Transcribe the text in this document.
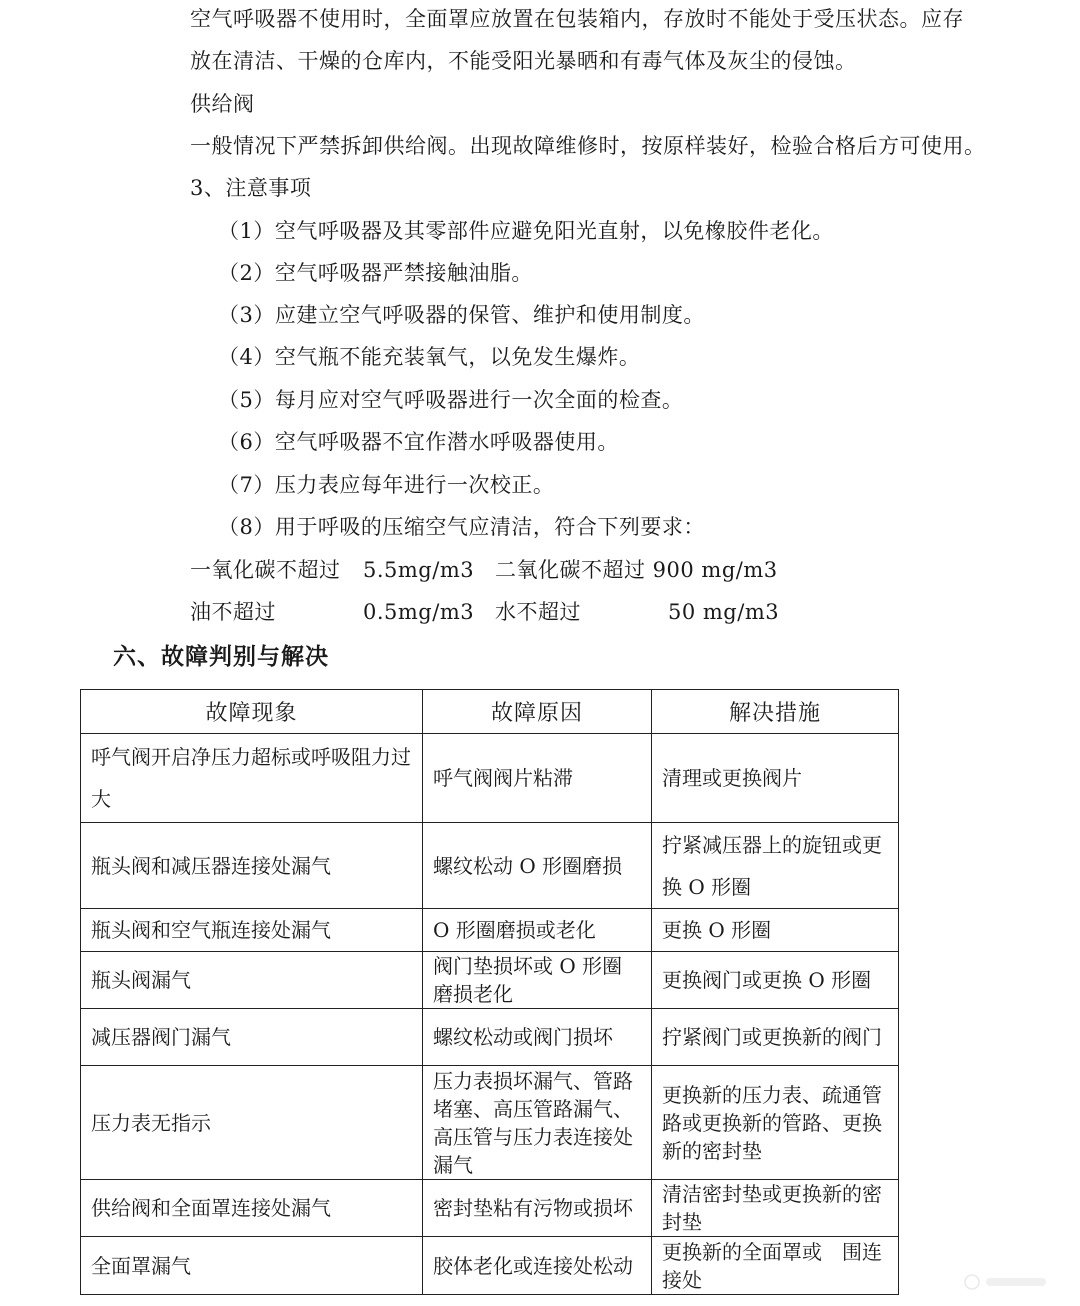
空气呼吸器不使用时，全面罩应放置在包装箱内，存放时不能处于受压状态。应存
放在清洁、干燥的仓库内，不能受阳光暴晒和有毒气体及灰尘的侵蚀。
供给阀
一般情况下严禁拆卸供给阀。出现故障维修时，按原样装好，检验合格后方可使用。
3、注意事项
（1）空气呼吸器及其零部件应避免阳光直射，以免橡胶件老化。
（2）空气呼吸器严禁接触油脂。
（3）应建立空气呼吸器的保管、维护和使用制度。
（4）空气瓶不能充装氧气，以免发生爆炸。
（5）每月应对空气呼吸器进行一次全面的检查。
（6）空气呼吸器不宜作潜水呼吸器使用。
（7）压力表应每年进行一次校正。
（8）用于呼吸的压缩空气应清洁，符合下列要求：
一氧化碳不超过 5.5mg/m3 二氧化碳不超过 900 mg/m3
油不超过	0.5mg/m3 水不超过	50 mg/m3
六、故障判别与解决
故障现象	故障原因	解决措施

呼气阀开启净压力超标或呼吸阻力过大	呼气阀阀片粘滞	清理或更换阀片

瓶头阀和减压器连接处漏气	螺纹松动 O 形圈磨损	拧紧减压器上的旋钮或更换 O 形圈

瓶头阀和空气瓶连接处漏气	O 形圈磨损或老化	更换 O 形圈

瓶头阀漏气	阀门垫损坏或 O 形圈磨损老化	更换阀门或更换 O 形圈

减压器阀门漏气	螺纹松动或阀门损坏	拧紧阀门或更换新的阀门

压力表无指示	压力表损坏漏气、管路堵塞、高压管路漏气、高压管与压力表连接处漏气	更换新的压力表、疏通管路或更换新的管路、更换新的密封垫

供给阀和全面罩连接处漏气	密封垫粘有污物或损坏	清洁密封垫或更换新的密封垫

全面罩漏气	胶体老化或连接处松动	更换新的全面罩或　围连接处
